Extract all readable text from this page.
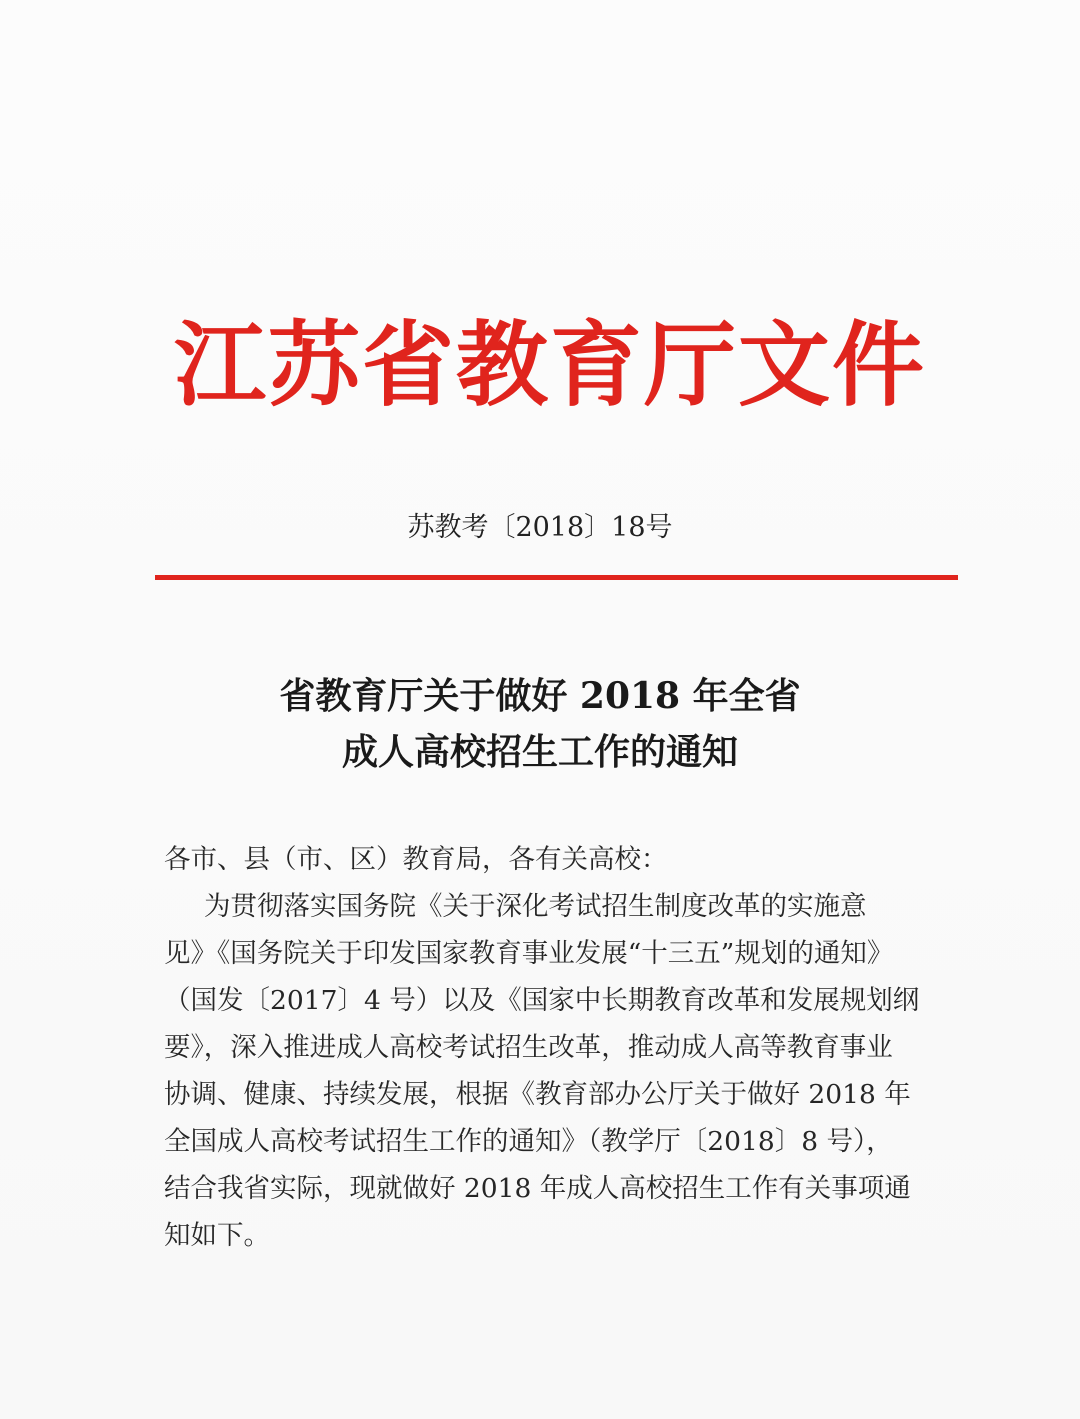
江苏省教育厅文件
苏教考〔2018〕18号
省教育厅关于做好 2018 年全省
成人高校招生工作的通知
各市、县（市、区）教育局，各有关高校：
为贯彻落实国务院《关于深化考试招生制度改革的实施意
见》《国务院关于印发国家教育事业发展“十三五”规划的通知》
（国发〔2017〕4 号）以及《国家中长期教育改革和发展规划纲
要》，深入推进成人高校考试招生改革，推动成人高等教育事业
协调、健康、持续发展，根据《教育部办公厅关于做好 2018 年
全国成人高校考试招生工作的通知》（教学厅〔2018〕8 号），
结合我省实际，现就做好 2018 年成人高校招生工作有关事项通
知如下。
